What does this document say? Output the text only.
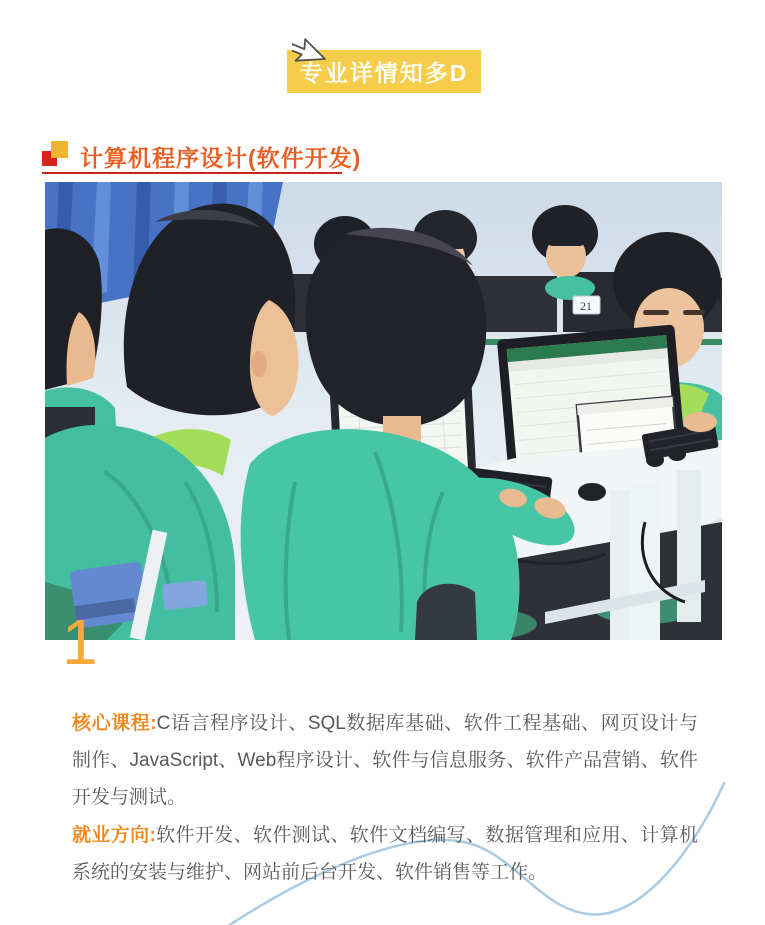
专业详情知多D
计算机程序设计(软件开发)
21
1

核心课程:C语言程序设计、SQL数据库基础、软件工程基础、网页设计与制作、JavaScript、Web程序设计、软件与信息服务、软件产品营销、软件开发与测试。

就业方向:软件开发、软件测试、软件文档编写、数据管理和应用、计算机系统的安装与维护、网站前后台开发、软件销售等工作。
